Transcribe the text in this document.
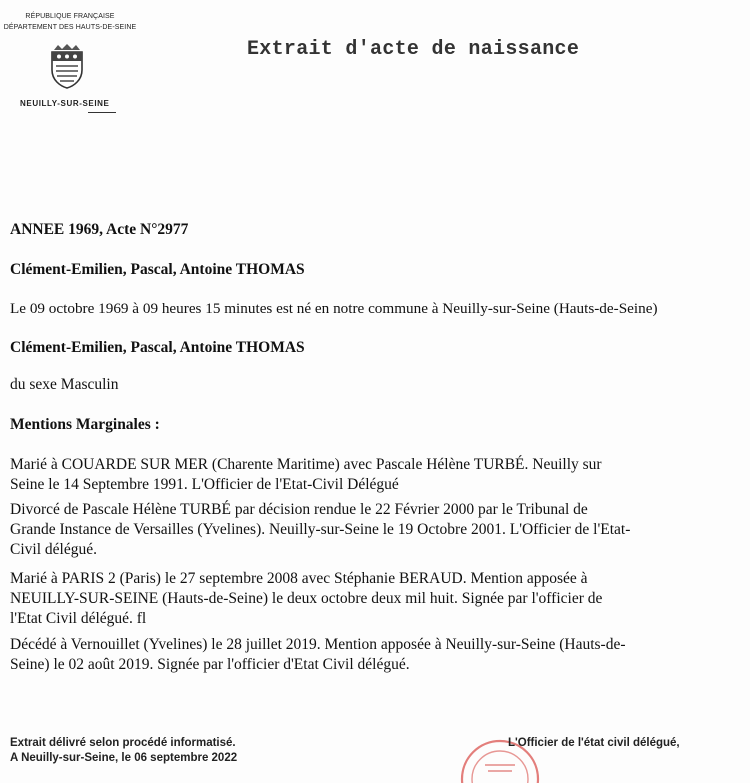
RÉPUBLIQUE FRANÇAISE
DÉPARTEMENT DES HAUTS-DE-SEINE
NEUILLY-SUR-SEINE
Extrait d'acte de naissance
ANNEE 1969, Acte N°2977
Clément-Emilien, Pascal, Antoine THOMAS
Le 09 octobre 1969 à 09 heures 15 minutes est né en notre commune à Neuilly-sur-Seine (Hauts-de-Seine)
Clément-Emilien, Pascal, Antoine THOMAS
du sexe Masculin
Mentions Marginales :
Marié à COUARDE SUR MER (Charente Maritime) avec Pascale Hélène TURBÉ. Neuilly sur
Seine le 14 Septembre 1991. L'Officier de l'Etat-Civil Délégué
Divorcé de Pascale Hélène TURBÉ par décision rendue le 22 Février 2000 par le Tribunal de
Grande Instance de Versailles (Yvelines). Neuilly-sur-Seine le 19 Octobre 2001. L'Officier de l'Etat-
Civil délégué.
Marié à PARIS 2 (Paris) le 27 septembre 2008 avec Stéphanie BERAUD. Mention apposée à
NEUILLY-SUR-SEINE (Hauts-de-Seine) le deux octobre deux mil huit. Signée par l'officier de
l'Etat Civil délégué. fl
Décédé à Vernouillet (Yvelines) le 28 juillet 2019. Mention apposée à Neuilly-sur-Seine (Hauts-de-
Seine) le 02 août 2019. Signée par l'officier d'Etat Civil délégué.
Extrait délivré selon procédé informatisé.
A Neuilly-sur-Seine, le 06 septembre 2022
L'Officier de l'état civil délégué,
